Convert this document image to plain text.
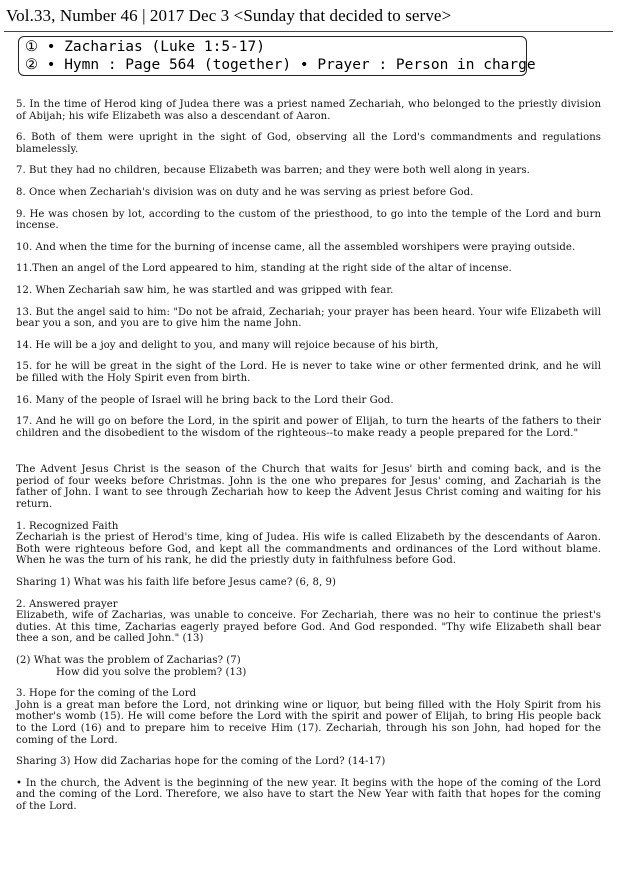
Vol.33, Number 46 | 2017 Dec 3 <Sunday that decided to serve>
① • Zacharias (Luke 1:5-17)
② • Hymn : Page 564 (together) • Prayer : Person in charge

5. In the time of Herod king of Judea there was a priest named Zechariah, who belonged to the priestly division of Abijah; his wife Elizabeth was also a descendant of Aaron.

6. Both of them were upright in the sight of God, observing all the Lord's commandments and regulations blamelessly.

7. But they had no children, because Elizabeth was barren; and they were both well along in years.

8. Once when Zechariah's division was on duty and he was serving as priest before God.

9. He was chosen by lot, according to the custom of the priesthood, to go into the temple of the Lord and burn incense.

10. And when the time for the burning of incense came, all the assembled worshipers were praying outside.

11.Then an angel of the Lord appeared to him, standing at the right side of the altar of incense.

12. When Zechariah saw him, he was startled and was gripped with fear.

13. But the angel said to him: "Do not be afraid, Zechariah; your prayer has been heard. Your wife Elizabeth will bear you a son, and you are to give him the name John.

14. He will be a joy and delight to you, and many will rejoice because of his birth,

15. for he will be great in the sight of the Lord. He is never to take wine or other fermented drink, and he will be filled with the Holy Spirit even from birth.

16. Many of the people of Israel will he bring back to the Lord their God.

17. And he will go on before the Lord, in the spirit and power of Elijah, to turn the hearts of the fathers to their children and the disobedient to the wisdom of the righteous--to make ready a people prepared for the Lord."

The Advent Jesus Christ is the season of the Church that waits for Jesus' birth and coming back, and is the period of four weeks before Christmas. John is the one who prepares for Jesus' coming, and Zachariah is the father of John. I want to see through Zechariah how to keep the Advent Jesus Christ coming and waiting for his return.

1. Recognized Faith

Zechariah is the priest of Herod's time, king of Judea. His wife is called Elizabeth by the descendants of Aaron. Both were righteous before God, and kept all the commandments and ordinances of the Lord without blame. When he was the turn of his rank, he did the priestly duty in faithfulness before God.

Sharing 1) What was his faith life before Jesus came? (6, 8, 9)

2. Answered prayer

Elizabeth, wife of Zacharias, was unable to conceive. For Zechariah, there was no heir to continue the priest's duties. At this time, Zacharias eagerly prayed before God. And God responded. "Thy wife Elizabeth shall bear thee a son, and be called John." (13)

(2) What was the problem of Zacharias? (7)

How did you solve the problem? (13)

3. Hope for the coming of the Lord

John is a great man before the Lord, not drinking wine or liquor, but being filled with the Holy Spirit from his mother's womb (15). He will come before the Lord with the spirit and power of Elijah, to bring His people back to the Lord (16) and to prepare him to receive Him (17). Zechariah, through his son John, had hoped for the coming of the Lord.

Sharing 3) How did Zacharias hope for the coming of the Lord? (14-17)

• In the church, the Advent is the beginning of the new year. It begins with the hope of the coming of the Lord and the coming of the Lord. Therefore, we also have to start the New Year with faith that hopes for the coming of the Lord.
